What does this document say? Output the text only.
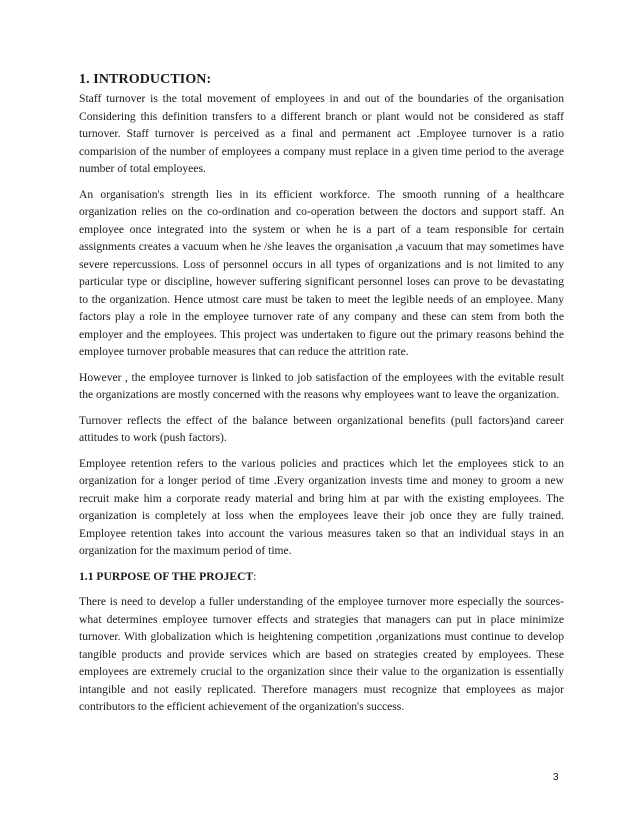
1. INTRODUCTION:

Staff turnover is the total movement of employees in and out of the boundaries of the organisation Considering this definition transfers to a different branch or plant would not be considered as staff turnover. Staff turnover is perceived as a final and permanent act .Employee turnover is a ratio comparision of the number of employees a company must replace in a given time period to the average number of total employees.

An organisation's strength lies in its efficient workforce. The smooth running of a healthcare organization relies on the co-ordination and co-operation between the doctors and support staff. An employee once integrated into the system or when he is a part of a team responsible for certain assignments creates a vacuum when he /she leaves the organisation ,a vacuum that may sometimes have severe repercussions. Loss of personnel occurs in all types of organizations and is not limited to any particular type or discipline, however suffering significant personnel loses can prove to be devastating to the organization. Hence utmost care must be taken to meet the legible needs of an employee. Many factors play a role in the employee turnover rate of any company and these can stem from both the employer and the employees. This project was undertaken to figure out the primary reasons behind the employee turnover probable measures that can reduce the attrition rate.

However , the employee turnover is linked to job satisfaction of the employees with the evitable result the organizations are mostly concerned with the reasons why employees want to leave the organization.

Turnover reflects the effect of the balance between organizational benefits (pull factors)and career attitudes to work (push factors).

Employee retention refers to the various policies and practices which let the employees stick to an organization for a longer period of time .Every organization invests time and money to groom a new recruit make him a corporate ready material and bring him at par with the existing employees. The organization is completely at loss when the employees leave their job once they are fully trained. Employee retention takes into account the various measures taken so that an individual stays in an organization for the maximum period of time.

1.1 PURPOSE OF THE PROJECT:

There is need to develop a fuller understanding of the employee turnover more especially the sources-what determines employee turnover effects and strategies that managers can put in place minimize turnover. With globalization which is heightening competition ,organizations must continue to develop tangible products and provide services which are based on strategies created by employees. These employees are extremely crucial to the organization since their value to the organization is essentially intangible and not easily replicated. Therefore managers must recognize that employees as major contributors to the efficient achievement of the organization's success.

3
